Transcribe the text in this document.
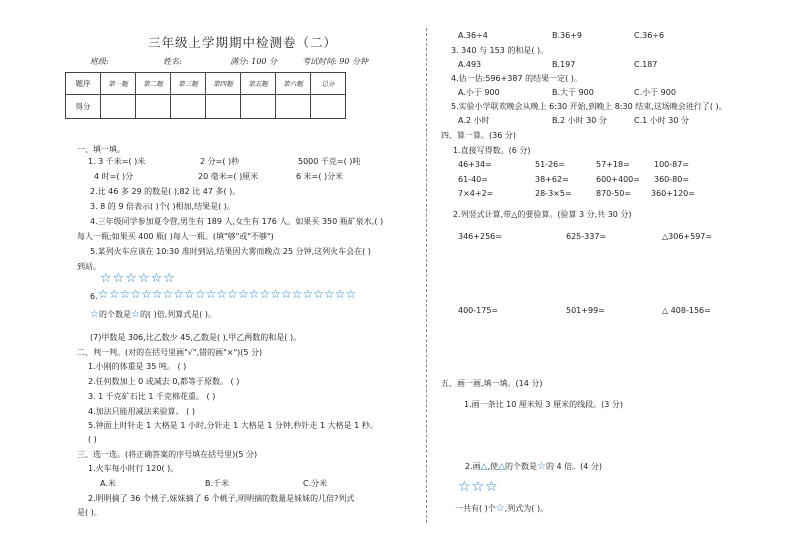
三年级上学期期中检测卷（二）
班级:	姓名:	满分: 100 分	考试时间: 90 分钟
题序	第一题	第二题	第三题	第四题	第五题	第六题	总分
得分							
一、填一填。
1. 3 千米=( )米	2 分=( )秒	5000 千克=( )吨
4 时=( )分	20 毫米=( )厘米	6 米=( )分米
2.比 46 多 29 的数是( ),82 比 47 多( )。
3. 8 的 9 倍表示( )个( )相加,结果是( )。
4.三年级同学参加夏令营,男生有 189 人,女生有 176 人。如果买 350 瓶矿泉水,( )
每人一瓶;如果买 400 瓶( )每人一瓶。(填"够"或"不够")
5.某列火车应该在 10:30 准时到站,结果因大雾而晚点 25 分钟,这列火车会在( )
到站。
☆☆☆☆☆☆
6. ☆☆☆☆☆☆☆☆☆☆☆☆☆☆☆☆☆☆☆☆☆☆☆☆
☆的个数是☆的( )倍,列算式是( )。
(7)甲数是 306,比乙数少 45,乙数是( ),甲乙两数的和是( )。
二、判一判。(对的在括号里画"√",错的画"×")(5 分)
1.小刚的体重是 35 吨。 ( )
2.任何数加上 0 或减去 0,都等于原数。 ( )
3. 1 千克矿石比 1 千克棉花重。 ( )
4.加法只能用减法来验算。 ( )
5.钟面上时针走 1 大格是 1 小时,分针走 1 大格是 1 分钟,秒针走 1 大格是 1 秒。
( )
三、选一选。(将正确答案的序号填在括号里)(5 分)
1.火车每小时行 120( )。
A.米	B.千米	C.分米
2.明明摘了 36 个桃子,妹妹摘了 6 个桃子,明明摘的数量是妹妹的几倍?列式
是( )。
A.36÷4	B.36+9	C.36÷6
3. 340 与 153 的和是( )。
A.493	B.197	C.187
4.估一估:596+387 的结果一定( )。
A.小于 900	B.大于 900	C.小于 900
5.实验小学联欢晚会从晚上 6:30 开始,到晚上 8:30 结束,这场晚会进行了( )。
A.2 小时	B.2 小时 30 分	C.1 小时 30 分
四、算一算。(36 分)
1.直接写得数。(6 分)
46+34=	51-26=	57+18=	100-87=
61-40=	38+62=	600+400= 360-80=
7×4+2=	28-3×5=	870-50= 360+120=
2.列竖式计算,带△的要验算。(验算 3 分,共 30 分)
346+256=	625-337=	△306+597=
400-175=	501+99=	△ 408-156=
五、画一画,填一填。(14 分)
1.画一条比 10 厘米短 3 厘米的线段。(3 分)
2.画△,使△的个数是☆的 4 倍。(4 分)
☆☆☆
一共有( )个☆,列式为( )。
